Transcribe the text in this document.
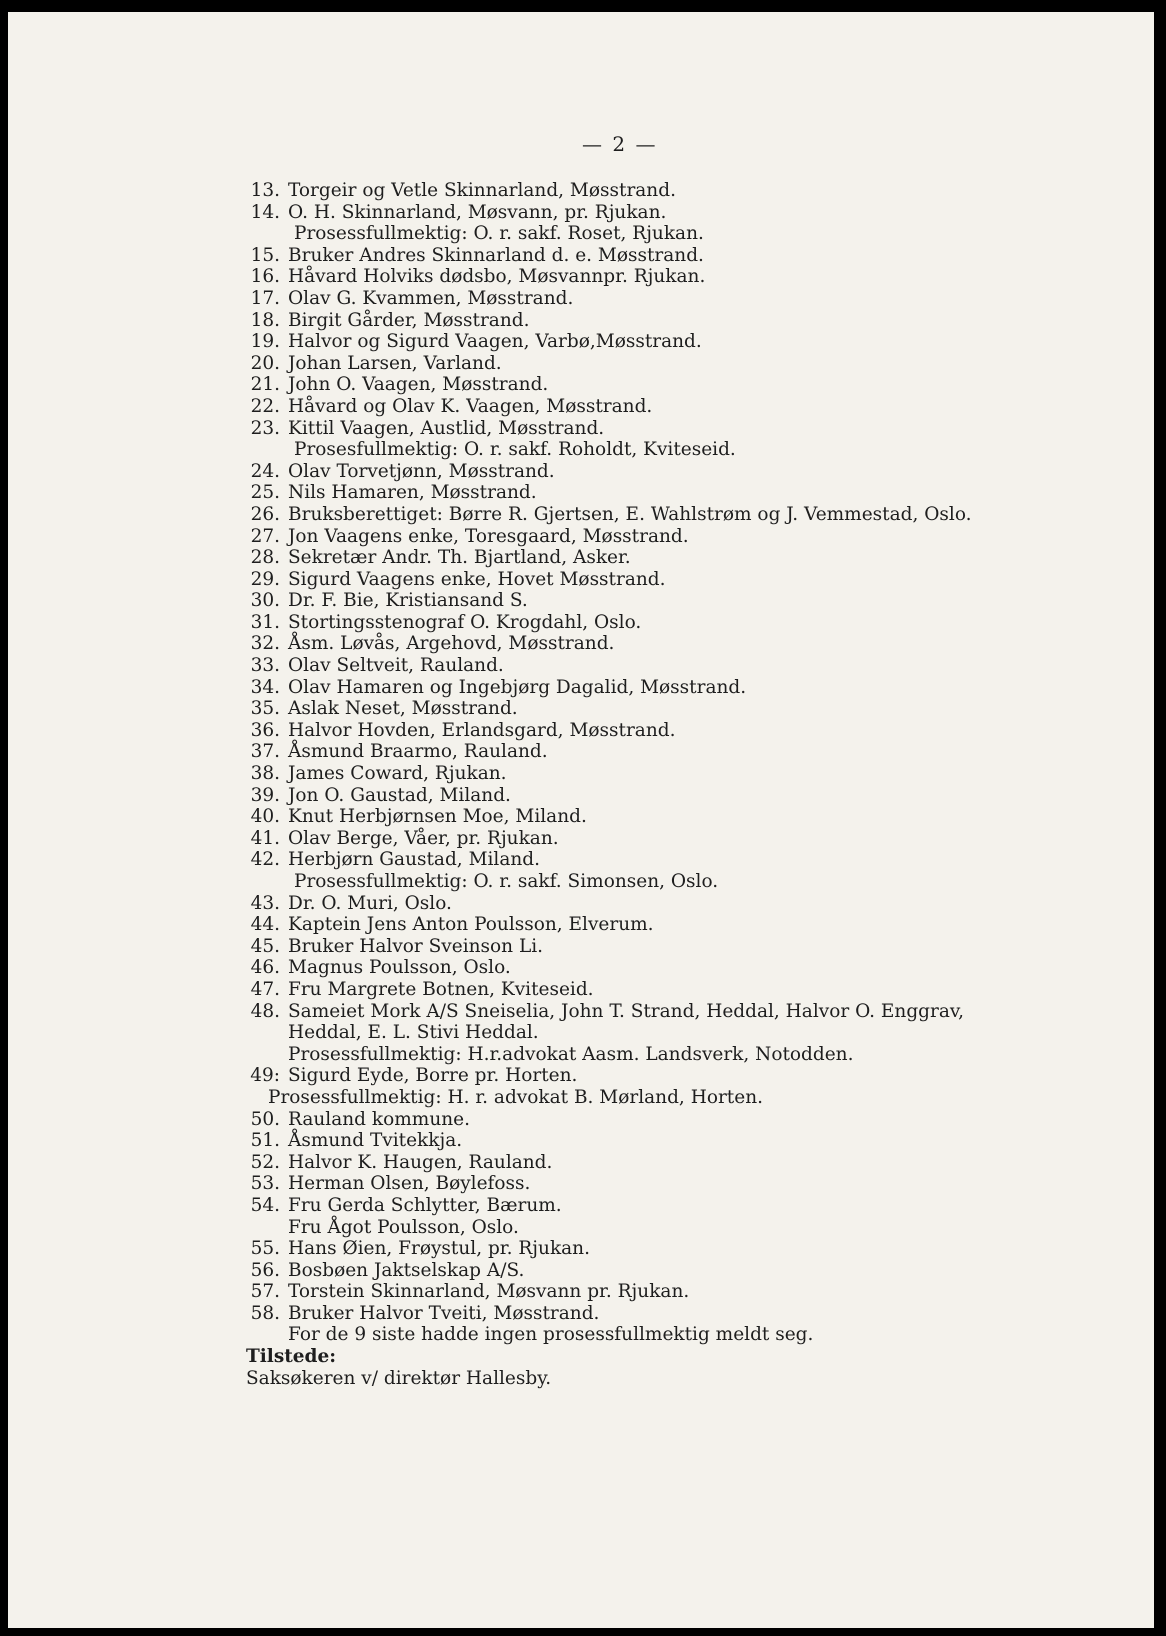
— 2 —
13. Torgeir og Vetle Skinnarland, Møsstrand.
14. O. H. Skinnarland, Møsvann, pr. Rjukan.
Prosessfullmektig: O. r. sakf. Roset, Rjukan.
15. Bruker Andres Skinnarland d. e. Møsstrand.
16. Håvard Holviks dødsbo, Møsvannpr. Rjukan.
17. Olav G. Kvammen, Møsstrand.
18. Birgit Gårder, Møsstrand.
19. Halvor og Sigurd Vaagen, Varbø,Møsstrand.
20. Johan Larsen, Varland.
21. John O. Vaagen, Møsstrand.
22. Håvard og Olav K. Vaagen, Møsstrand.
23. Kittil Vaagen, Austlid, Møsstrand.
Prosesfullmektig: O. r. sakf. Roholdt, Kviteseid.
24. Olav Torvetjønn, Møsstrand.
25. Nils Hamaren, Møsstrand.
26. Bruksberettiget: Børre R. Gjertsen, E. Wahlstrøm og J. Vemmestad, Oslo.
27. Jon Vaagens enke, Toresgaard, Møsstrand.
28. Sekretær Andr. Th. Bjartland, Asker.
29. Sigurd Vaagens enke, Hovet Møsstrand.
30. Dr. F. Bie, Kristiansand S.
31. Stortingsstenograf O. Krogdahl, Oslo.
32. Åsm. Løvås, Argehovd, Møsstrand.
33. Olav Seltveit, Rauland.
34. Olav Hamaren og Ingebjørg Dagalid, Møsstrand.
35. Aslak Neset, Møsstrand.
36. Halvor Hovden, Erlandsgard, Møsstrand.
37. Åsmund Braarmo, Rauland.
38. James Coward, Rjukan.
39. Jon O. Gaustad, Miland.
40. Knut Herbjørnsen Moe, Miland.
41. Olav Berge, Våer, pr. Rjukan.
42. Herbjørn Gaustad, Miland.
Prosessfullmektig: O. r. sakf. Simonsen, Oslo.
43. Dr. O. Muri, Oslo.
44. Kaptein Jens Anton Poulsson, Elverum.
45. Bruker Halvor Sveinson Li.
46. Magnus Poulsson, Oslo.
47. Fru Margrete Botnen, Kviteseid.
48. Sameiet Mork A/S Sneiselia, John T. Strand, Heddal, Halvor O. Enggrav,
Heddal, E. L. Stivi Heddal.
Prosessfullmektig: H.r.advokat Aasm. Landsverk, Notodden.
49: Sigurd Eyde, Borre pr. Horten.
Prosessfullmektig: H. r. advokat B. Mørland, Horten.
50. Rauland kommune.
51. Åsmund Tvitekkja.
52. Halvor K. Haugen, Rauland.
53. Herman Olsen, Bøylefoss.
54. Fru Gerda Schlytter, Bærum.
Fru Ågot Poulsson, Oslo.
55. Hans Øien, Frøystul, pr. Rjukan.
56. Bosbøen Jaktselskap A/S.
57. Torstein Skinnarland, Møsvann pr. Rjukan.
58. Bruker Halvor Tveiti, Møsstrand.
For de 9 siste hadde ingen prosessfullmektig meldt seg.
Tilstede:
Saksøkeren v/ direktør Hallesby.
